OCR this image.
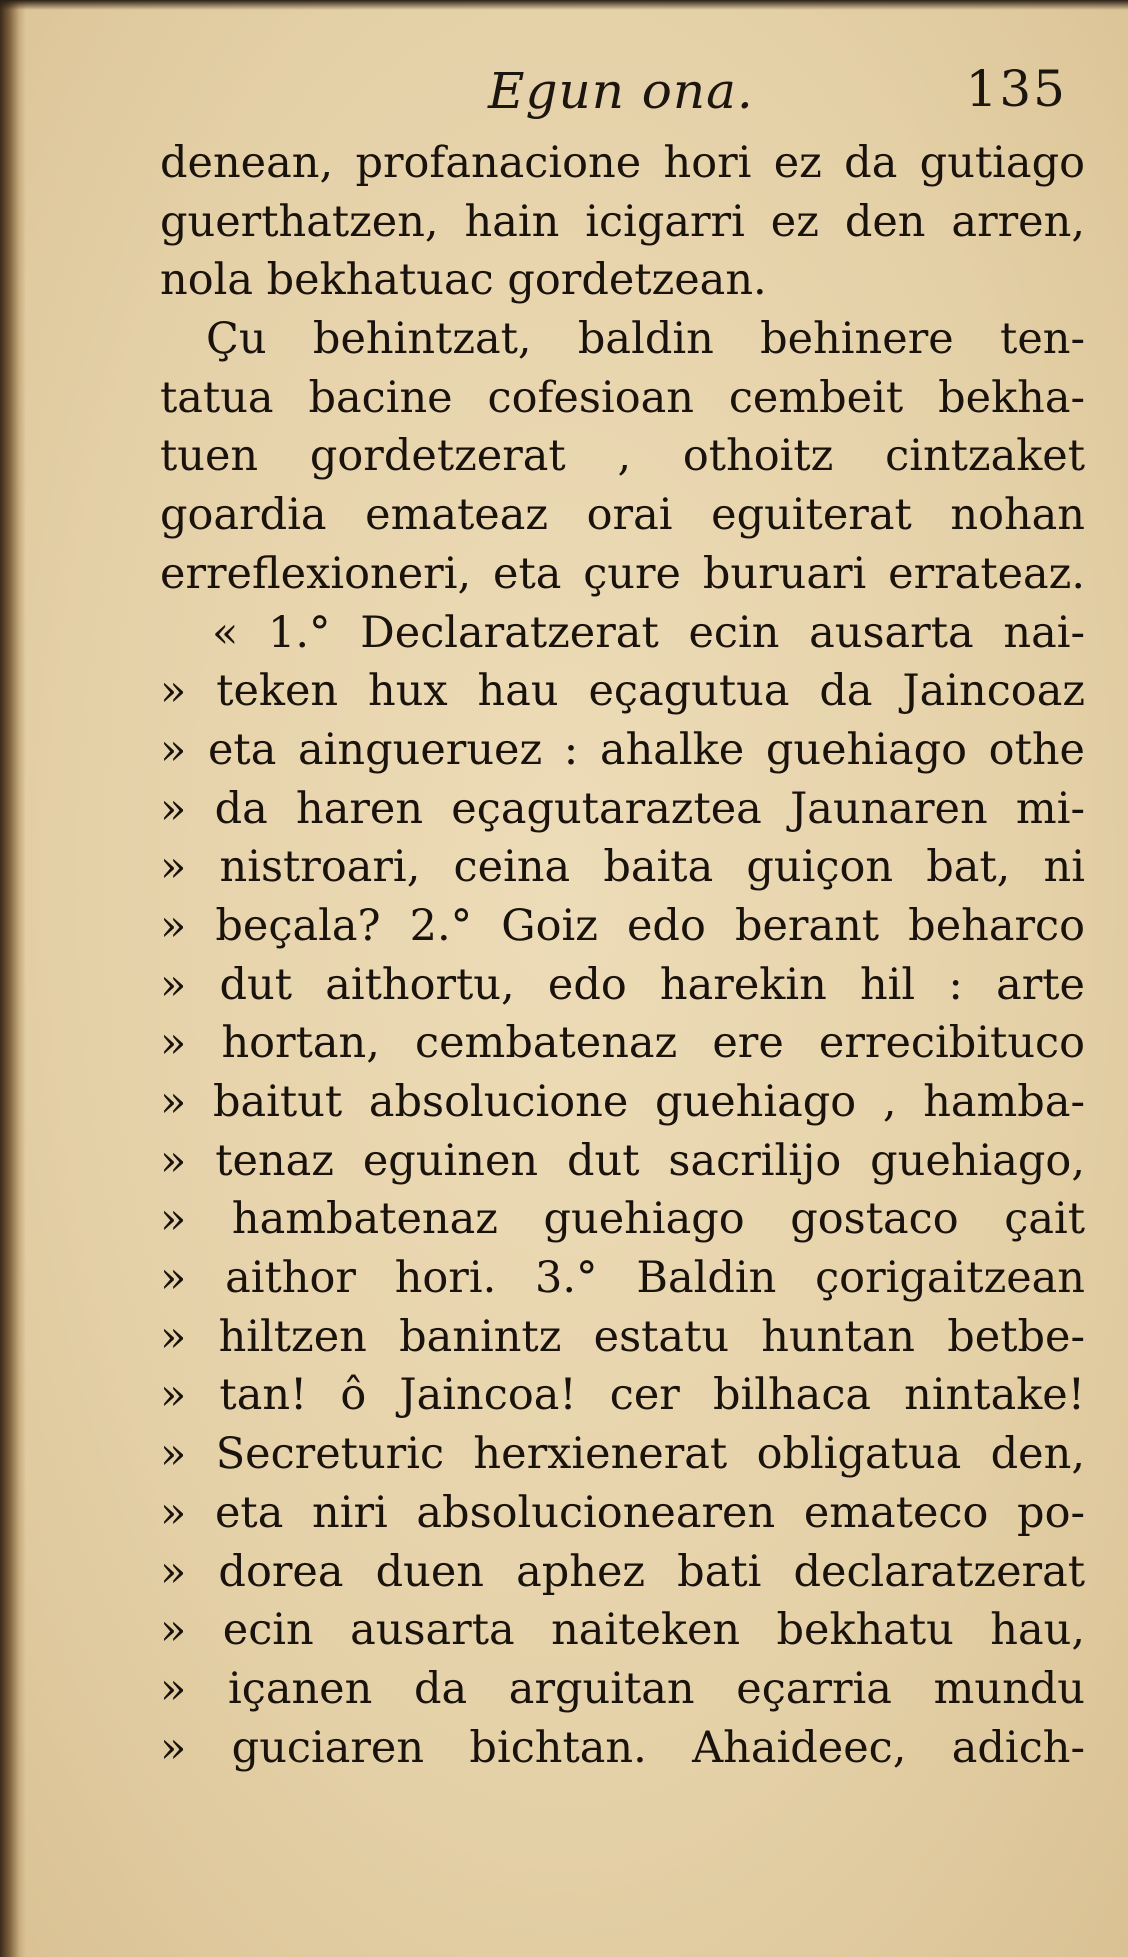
Egun ona.	135
denean, profanacione hori ez da gutiago
guerthatzen, hain icigarri ez den arren,
nola bekhatuac gordetzean.
Çu behintzat, baldin behinere ten-
tatua bacine cofesioan cembeit bekha-
tuen gordetzerat , othoitz cintzaket
goardia emateaz orai eguiterat nohan
erreflexioneri, eta çure buruari errateaz.
« 1.° Declaratzerat ecin ausarta nai-
» teken hux hau eçagutua da Jaincoaz
» eta aingueruez : ahalke guehiago othe
» da haren eçagutaraztea Jaunaren mi-
» nistroari, ceina baita guiçon bat, ni
» beçala? 2.° Goiz edo berant beharco
» dut aithortu, edo harekin hil : arte
» hortan, cembatenaz ere errecibituco
» baitut absolucione guehiago , hamba-
» tenaz eguinen dut sacrilijo guehiago,
» hambatenaz guehiago gostaco çait
» aithor hori. 3.° Baldin çorigaitzean
» hiltzen banintz estatu huntan betbe-
» tan! ô Jaincoa! cer bilhaca nintake!
» Secreturic herxienerat obligatua den,
» eta niri absolucionearen emateco po-
» dorea duen aphez bati declaratzerat
» ecin ausarta naiteken bekhatu hau,
» içanen da arguitan eçarria mundu
» guciaren bichtan. Ahaideec, adich-
